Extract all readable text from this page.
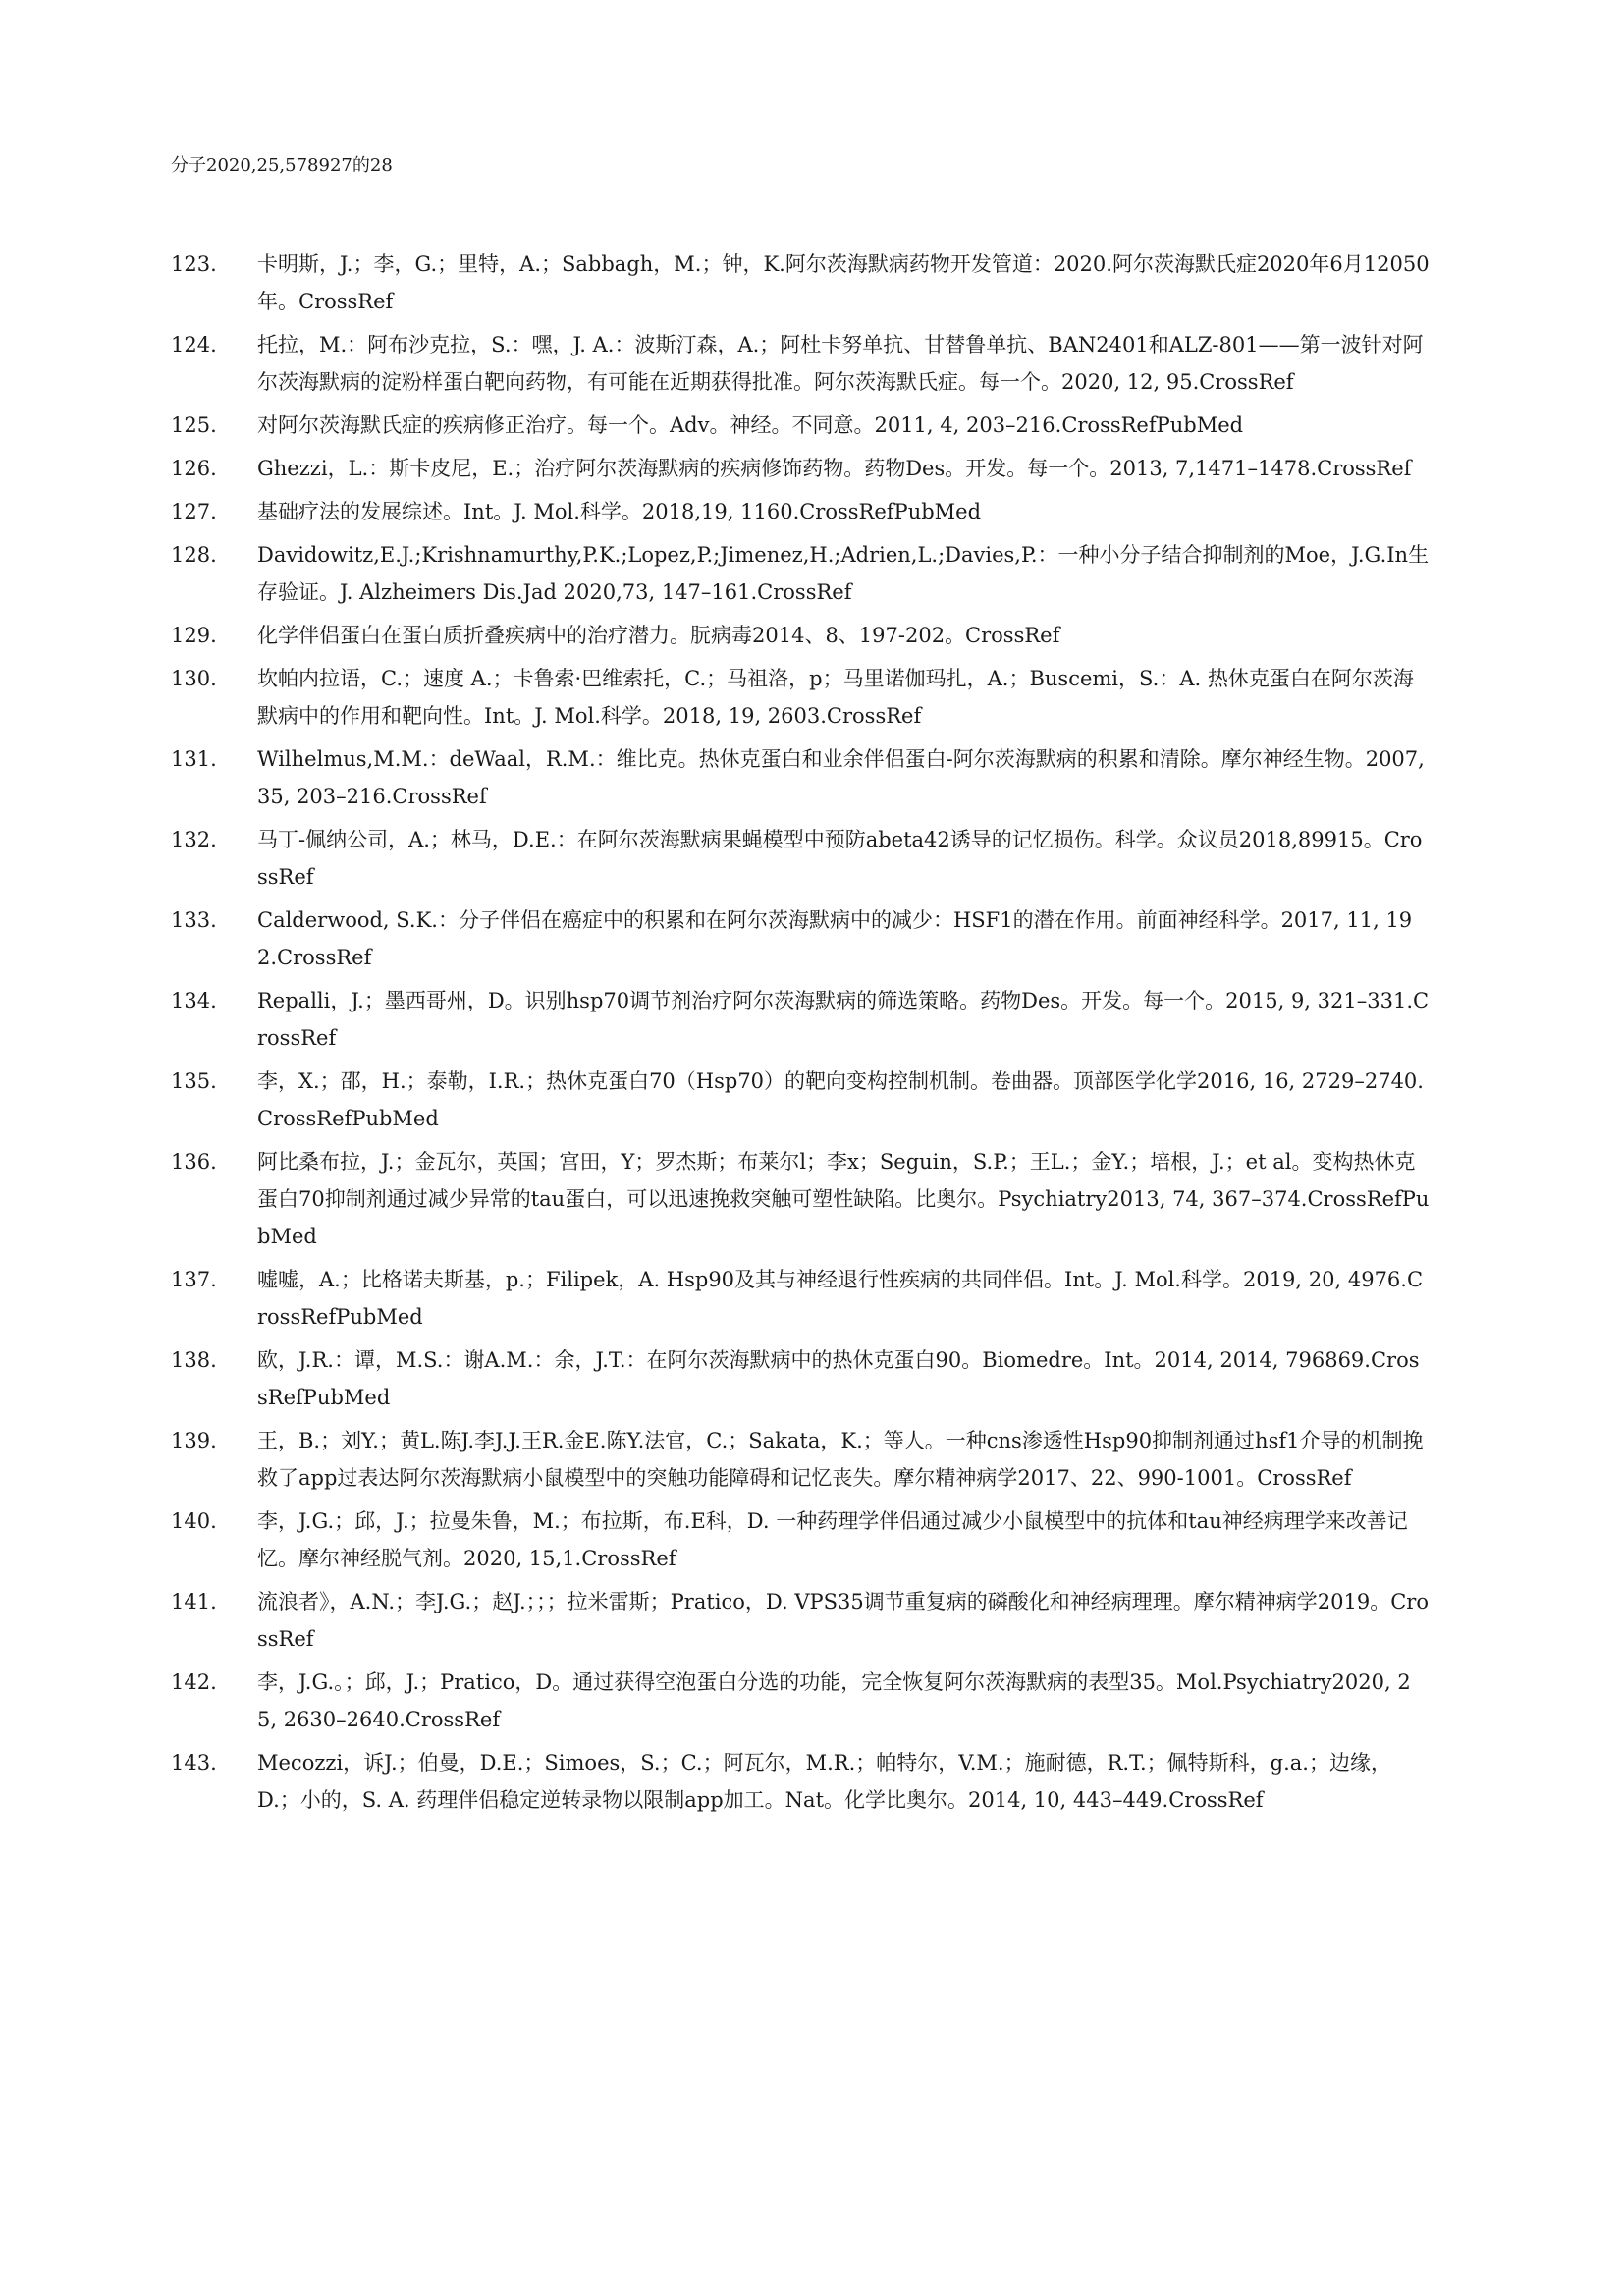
分子2020,25,578927的28
123 .	卡明斯，J.；李，G.；里特，A.；Sabbagh，M.；钟，K.阿尔茨海默病药物开发管道：2020.阿尔茨海默氏症2020年6月12050年。CrossRef
124 .	托拉，M.：阿布沙克拉，S.：嘿，J. A.：波斯汀森，A.；阿杜卡努单抗、甘替鲁单抗、BAN2401和ALZ-801——第一波针对阿尔茨海默病的淀粉样蛋白靶向药物，有可能在近期获得批准。阿尔茨海默氏症。每一个。2020, 12, 95.CrossRef
125 .	对阿尔茨海默氏症的疾病修正治疗。每一个。Adv。神经。不同意。2011, 4, 203–216.CrossRefPubMed
126 .	Ghezzi，L.：斯卡皮尼，E.；治疗阿尔茨海默病的疾病修饰药物。药物Des。开发。每一个。2013, 7,1471–1478.CrossRef
127 .	基础疗法的发展综述。Int。J. Mol.科学。2018,19, 1160.CrossRefPubMed
128 .	Davidowitz,E.J.;Krishnamurthy,P.K.;Lopez,P.;Jimenez,H.;Adrien,L.;Davies,P.：一种小分子结合抑制剂的Moe，J.G.In生存验证。J. Alzheimers Dis.Jad 2020,73, 147–161.CrossRef
129 .	化学伴侣蛋白在蛋白质折叠疾病中的治疗潜力。朊病毒2014、8、197-202。CrossRef
130 .	坎帕内拉语，C.；速度 A.；卡鲁索·巴维索托，C.；马祖洛，p；马里诺伽玛扎，A.；Buscemi，S.：A. 热休克蛋白在阿尔茨海默病中的作用和靶向性。Int。J. Mol.科学。2018, 19, 2603.CrossRef
131 .	Wilhelmus,M.M.：deWaal，R.M.：维比克。热休克蛋白和业余伴侣蛋白-阿尔茨海默病的积累和清除。摩尔神经生物。2007, 35, 203–216.CrossRef
132 .	马丁-佩纳公司，A.；林马，D.E.：在阿尔茨海默病果蝇模型中预防abeta42诱导的记忆损伤。科学。众议员2018,89915。CrossRef
133 .	Calderwood, S.K.：分子伴侣在癌症中的积累和在阿尔茨海默病中的减少：HSF1的潜在作用。前面神经科学。2017, 11, 192.CrossRef
134 .	Repalli，J.；墨西哥州，D。识别hsp70调节剂治疗阿尔茨海默病的筛选策略。药物Des。开发。每一个。2015, 9, 321–331.CrossRef
135 .	李，X.；邵，H.；泰勒，I.R.；热休克蛋白70（Hsp70）的靶向变构控制机制。卷曲器。顶部医学化学2016, 16, 2729–2740.CrossRefPubMed
136 .	阿比桑布拉，J.；金瓦尔，英国；宫田，Y；罗杰斯；布莱尔l；李x；Seguin，S.P.；王L.；金Y.；培根，J.；et al。变构热休克蛋白70抑制剂通过减少异常的tau蛋白，可以迅速挽救突触可塑性缺陷。比奥尔。Psychiatry2013, 74, 367–374.CrossRefPubMed
137 .	嘘嘘，A.；比格诺夫斯基，p.；Filipek，A. Hsp90及其与神经退行性疾病的共同伴侣。Int。J. Mol.科学。2019, 20, 4976.CrossRefPubMed
138 .	欧，J.R.：谭，M.S.：谢A.M.：余，J.T.：在阿尔茨海默病中的热休克蛋白90。Biomedre。Int。2014, 2014, 796869.CrossRefPubMed
139 .	王，B.；刘Y.；黄L.陈J.李J.J.王R.金E.陈Y.法官，C.；Sakata，K.；等人。一种cns渗透性Hsp90抑制剂通过hsf1介导的机制挽救了app过表达阿尔茨海默病小鼠模型中的突触功能障碍和记忆丧失。摩尔精神病学2017、22、990-1001。CrossRef
140 .	李，J.G.；邱，J.；拉曼朱鲁，M.；布拉斯，布.E科，D. 一种药理学伴侣通过减少小鼠模型中的抗体和tau神经病理学来改善记忆。摩尔神经脱气剂。2020, 15,1.CrossRef
141 .	流浪者》，A.N.；李J.G.；赵J.；；；拉米雷斯；Pratico，D. VPS35调节重复病的磷酸化和神经病理理。摩尔精神病学2019。CrossRef
142 .	李，J.G.。；邱，J.；Pratico，D。通过获得空泡蛋白分选的功能，完全恢复阿尔茨海默病的表型35。Mol.Psychiatry2020, 25, 2630–2640.CrossRef
143 .	Mecozzi，诉J.；伯曼，D.E.；Simoes，S.；C.；阿瓦尔，M.R.；帕特尔，V.M.；施耐德，R.T.；佩特斯科，g.a.；边缘，D.；小的，S. A. 药理伴侣稳定逆转录物以限制app加工。Nat。化学比奥尔。2014, 10, 443–449.CrossRef
